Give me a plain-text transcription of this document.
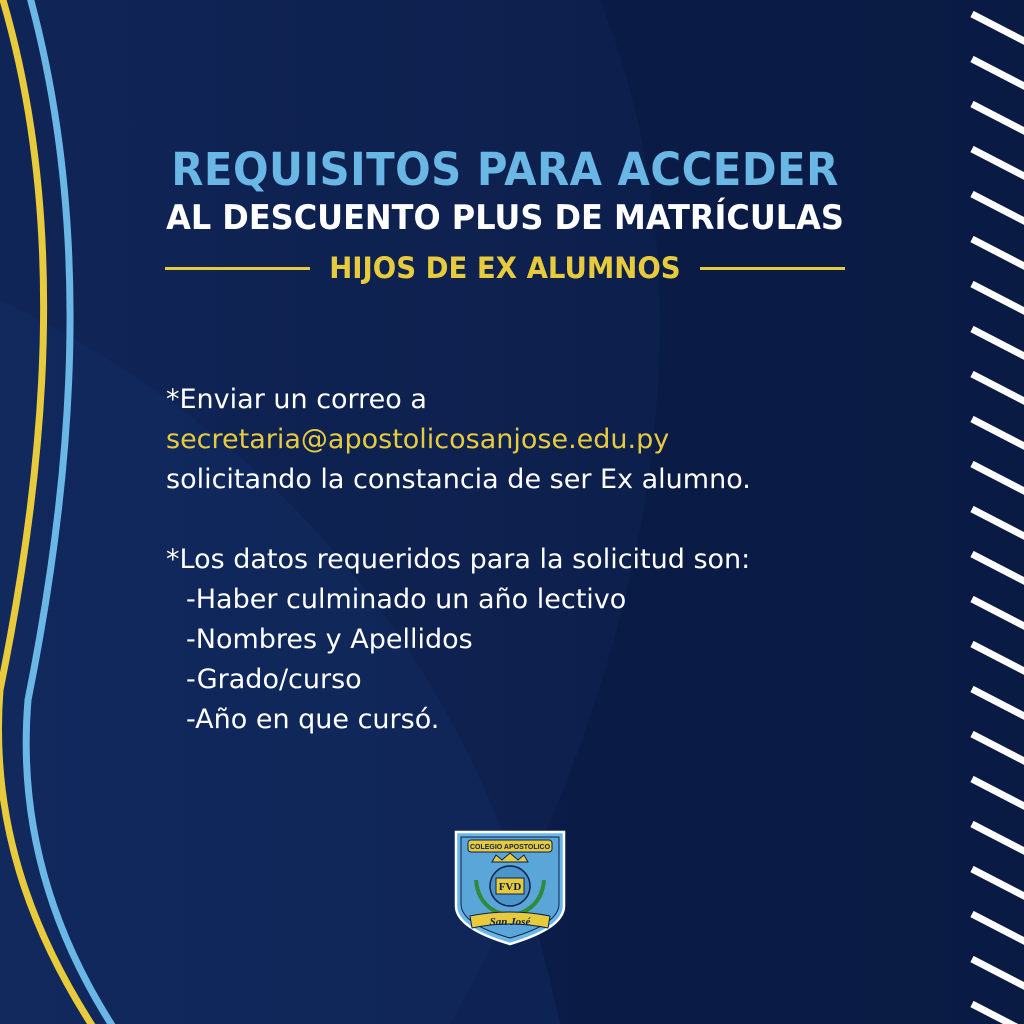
REQUISITOS PARA ACCEDER
AL DESCUENTO PLUS DE MATRÍCULAS
HIJOS DE EX ALUMNOS

*Enviar un correo a

secretaria@apostolicosanjose.edu.py

solicitando la constancia de ser Ex alumno.

*Los datos requeridos para la solicitud son:

-Haber culminado un año lectivo

-Nombres y Apellidos

-Grado/curso

-Año en que cursó.

COLEGIO APOSTOLICO
FVD
San José
